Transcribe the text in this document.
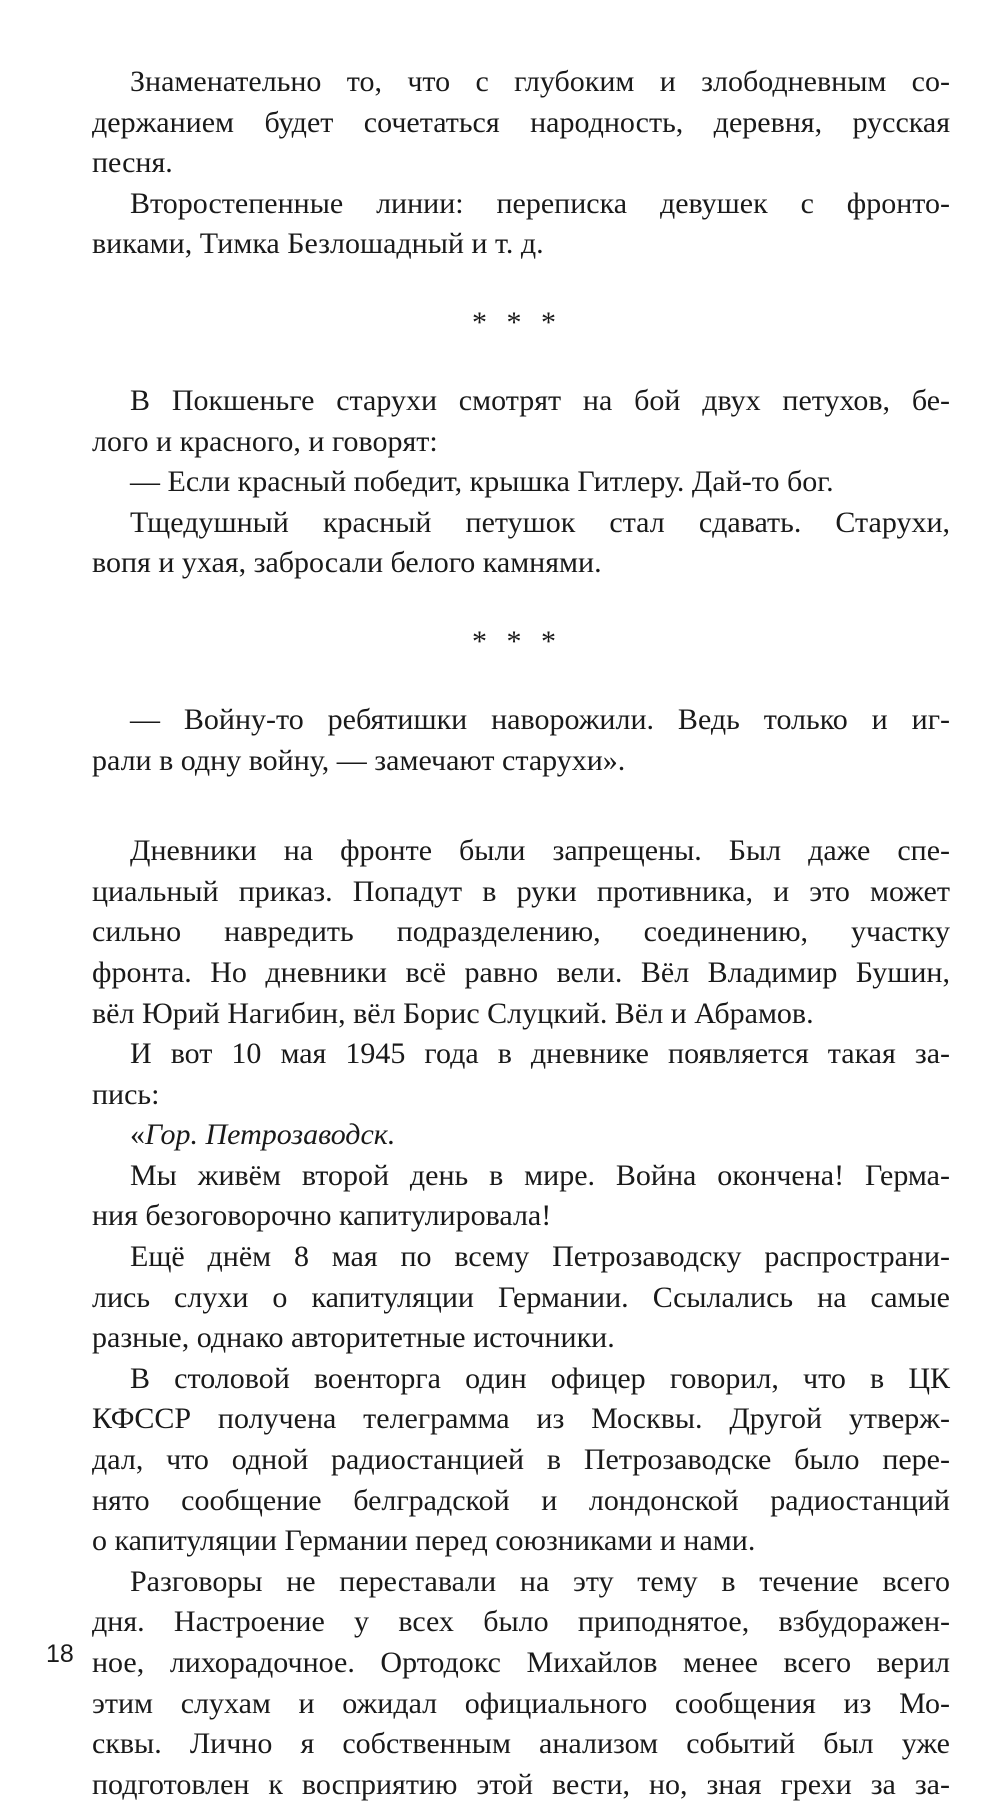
Знаменательно то, что с глубоким и злободневным со-
держанием будет сочетаться народность, деревня, русская
песня.
Второстепенные линии: переписка девушек с фронто-
виками, Тимка Безлошадный и т. д.
* * *
В Покшеньге старухи смотрят на бой двух петухов, бе-
лого и красного, и говорят:
— Если красный победит, крышка Гитлеру. Дай-то бог.
Тщедушный красный петушок стал сдавать. Старухи,
вопя и ухая, забросали белого камнями.
* * *
— Войну-то ребятишки наворожили. Ведь только и иг-
рали в одну войну, — замечают старухи».
Дневники на фронте были запрещены. Был даже спе-
циальный приказ. Попадут в руки противника, и это может
сильно навредить подразделению, соединению, участку
фронта. Но дневники всё равно вели. Вёл Владимир Бушин,
вёл Юрий Нагибин, вёл Борис Слуцкий. Вёл и Абрамов.
И вот 10 мая 1945 года в дневнике появляется такая за-
пись:
«Гор. Петрозаводск.
Мы живём второй день в мире. Война окончена! Герма-
ния безоговорочно капитулировала!
Ещё днём 8 мая по всему Петрозаводску распространи-
лись слухи о капитуляции Германии. Ссылались на самые
разные, однако авторитетные источники.
В столовой военторга один офицер говорил, что в ЦК
КФССР получена телеграмма из Москвы. Другой утверж-
дал, что одной радиостанцией в Петрозаводске было пере-
нято сообщение белградской и лондонской радиостанций
о капитуляции Германии перед союзниками и нами.
Разговоры не переставали на эту тему в течение всего
дня. Настроение у всех было приподнятое, взбудоражен-
ное, лихорадочное. Ортодокс Михайлов менее всего верил
этим слухам и ожидал официального сообщения из Мо-
сквы. Лично я собственным анализом событий был уже
подготовлен к восприятию этой вести, но, зная грехи за за-
18
